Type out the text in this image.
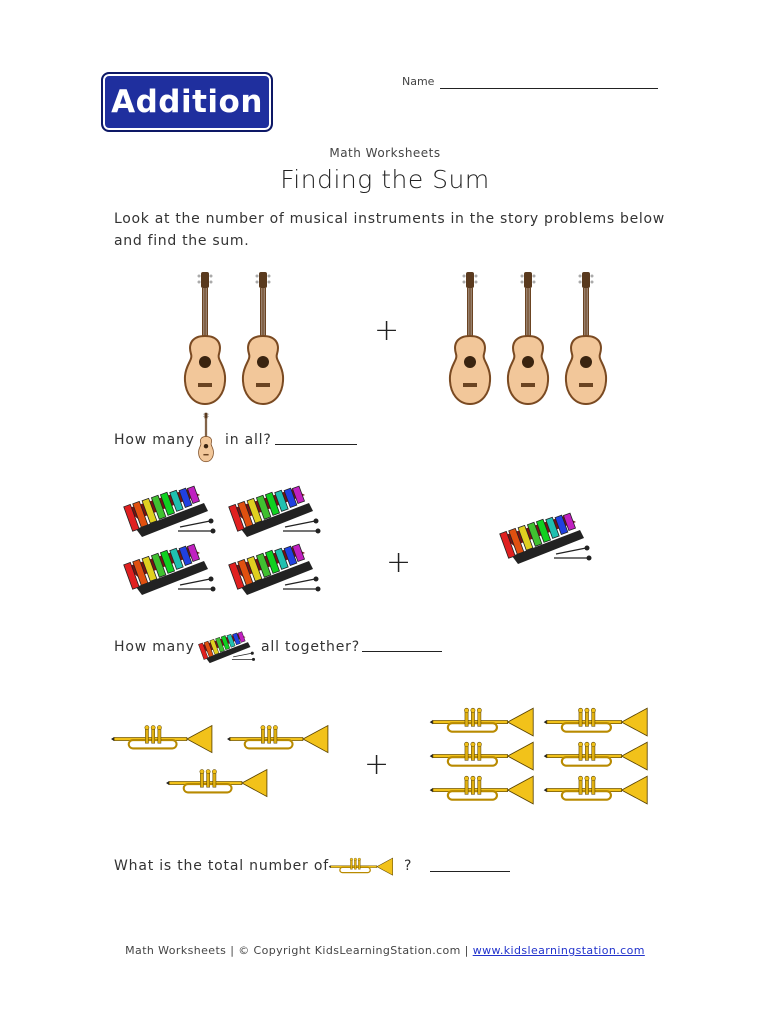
Addition
Name
Math Worksheets
Finding the Sum
Look at the number of musical instruments in the story problems below and find the sum.
+
How many in all?
+
How many	all together?
+
What is the total number of	?
Math Worksheets | © Copyright KidsLearningStation.com | www.kidslearningstation.com
